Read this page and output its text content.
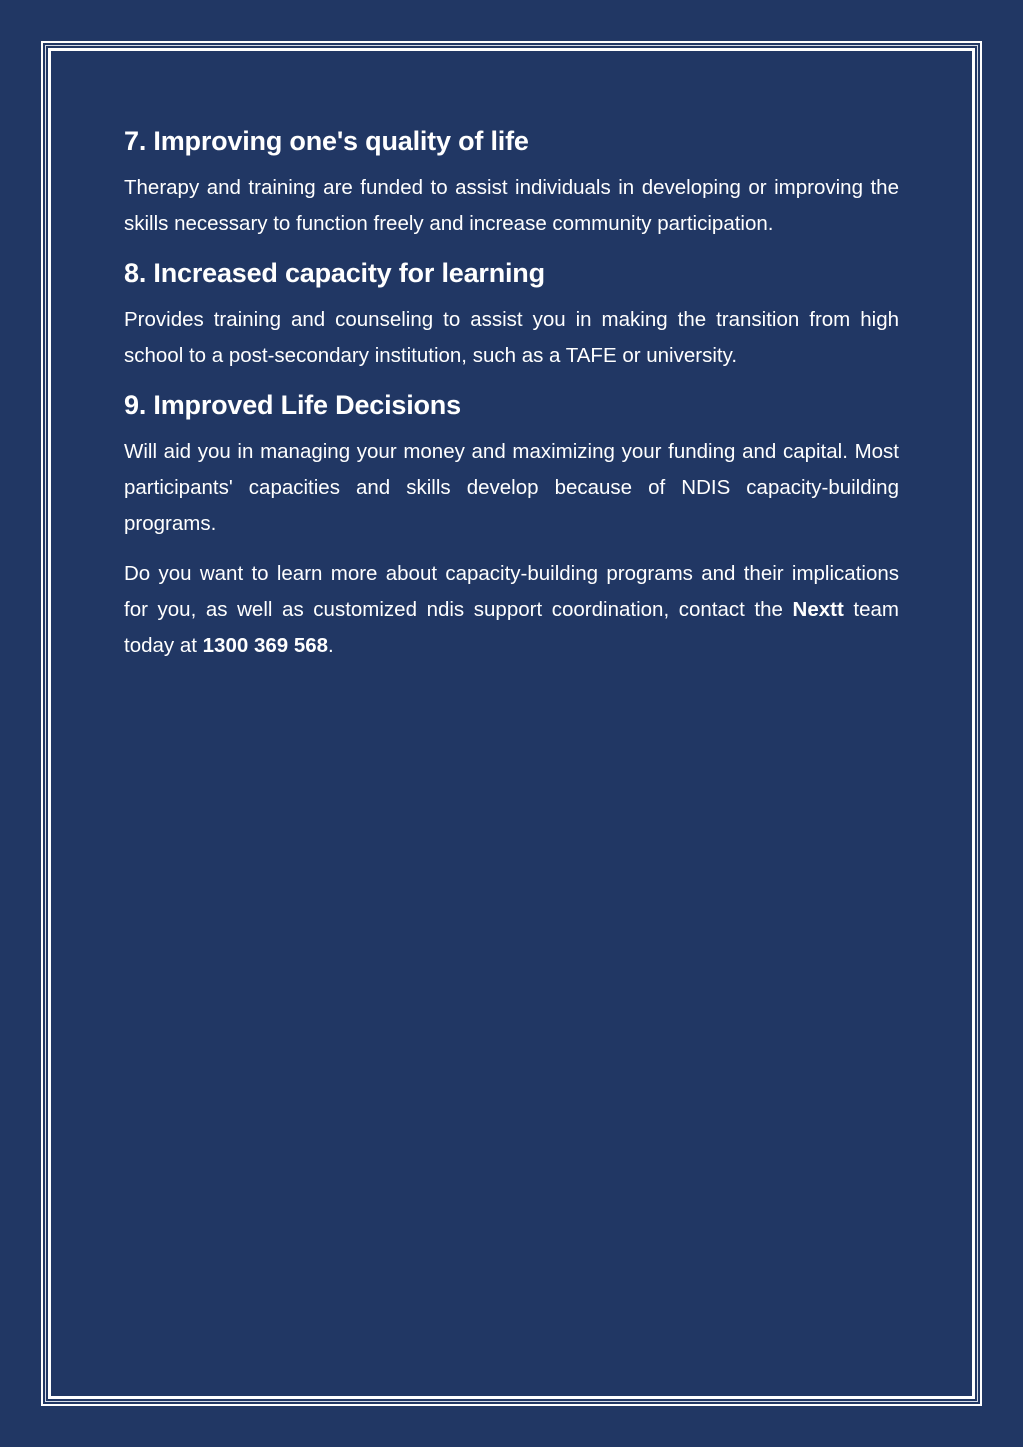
7. Improving one's quality of life

Therapy and training are funded to assist individuals in developing or improving the skills necessary to function freely and increase community participation.

8. Increased capacity for learning

Provides training and counseling to assist you in making the transition from high school to a post-secondary institution, such as a TAFE or university.

9. Improved Life Decisions

Will aid you in managing your money and maximizing your funding and capital. Most participants' capacities and skills develop because of NDIS capacity-building programs.

Do you want to learn more about capacity-building programs and their implications for you, as well as customized ndis support coordination, contact the Nextt team today at 1300 369 568.
